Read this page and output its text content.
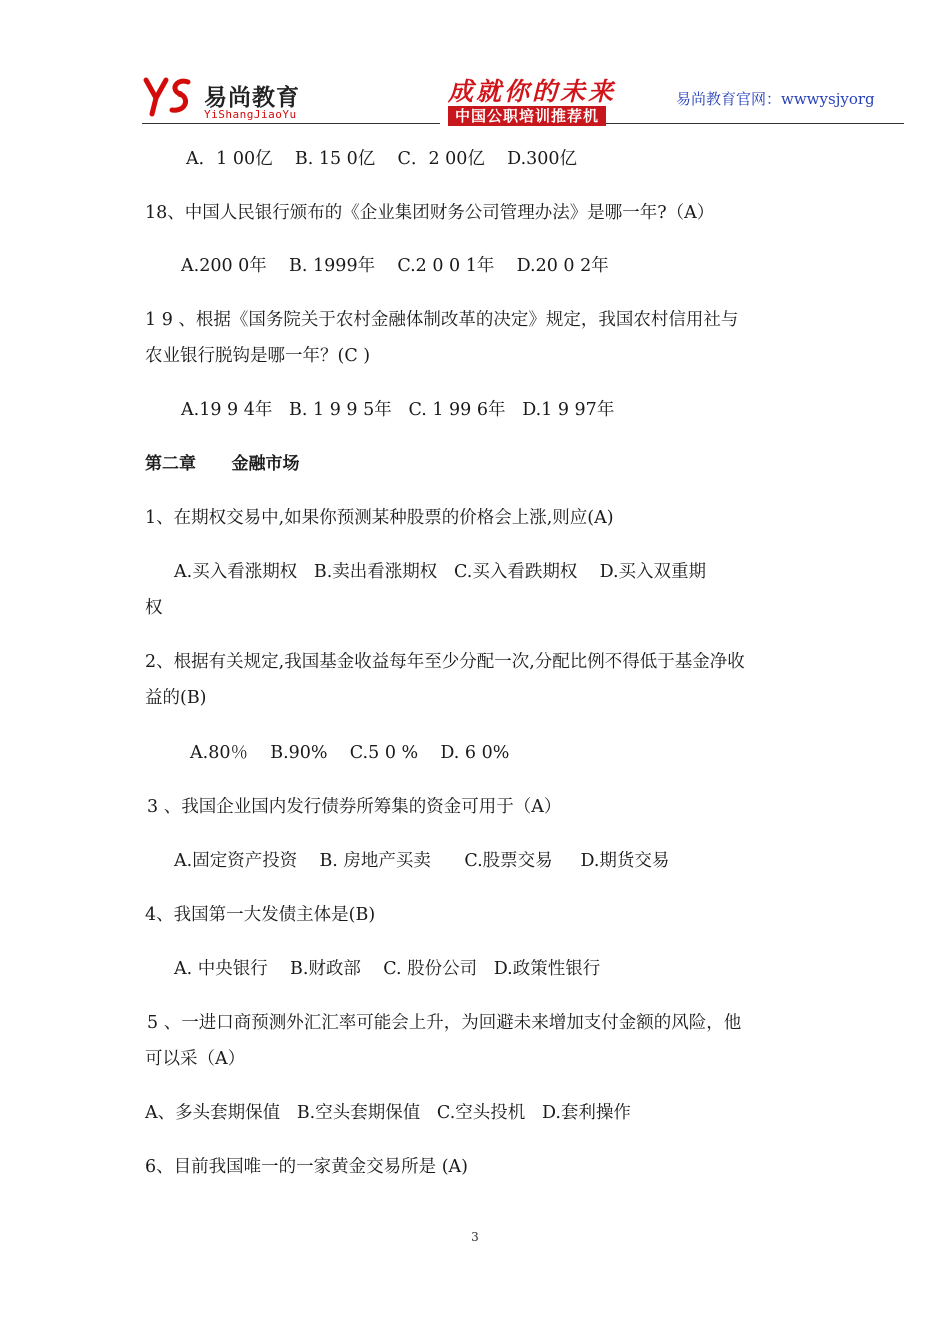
易尚教育
YiShangJiaoYu
成就你的未来
中国公职培训推荐机构
易尚教育官网：wwwysjyorg
A．1 00亿    B. 15 0亿    C．2 00亿    D.300亿
18、中国人民银行颁布的《企业集团财务公司管理办法》是哪一年?（A）
A.200 0年    B. 1999年    C.2 0 0 1年    D.20 0 2年
1 9 、根据《国务院关于农村金融体制改革的决定》规定，我国农村信用社与
农业银行脱钩是哪一年？(C )
A.19 9 4年   B. 1 9 9 5年   C. 1 99 6年   D.1 9 97年
第二章      金融市场
1、在期权交易中,如果你预测某种股票的价格会上涨,则应(A)
A.买入看涨期权   B.卖出看涨期权   C.买入看跌期权    D.买入双重期
权
2、根据有关规定,我国基金收益每年至少分配一次,分配比例不得低于基金净收
益的(B)
A.80％    B.90%    C.5 0 %    D. 6 0%
3 、我国企业国内发行债券所筹集的资金可用于（A）
A.固定资产投资    B. 房地产买卖      C.股票交易     D.期货交易
4、我国第一大发债主体是(B)
A. 中央银行    B.财政部    C. 股份公司   D.政策性银行
5 、一进口商预测外汇汇率可能会上升，为回避未来增加支付金额的风险，他
可以采（A）
A、多头套期保值   B.空头套期保值   C.空头投机   D.套利操作
6、目前我国唯一的一家黄金交易所是 (A)
3
